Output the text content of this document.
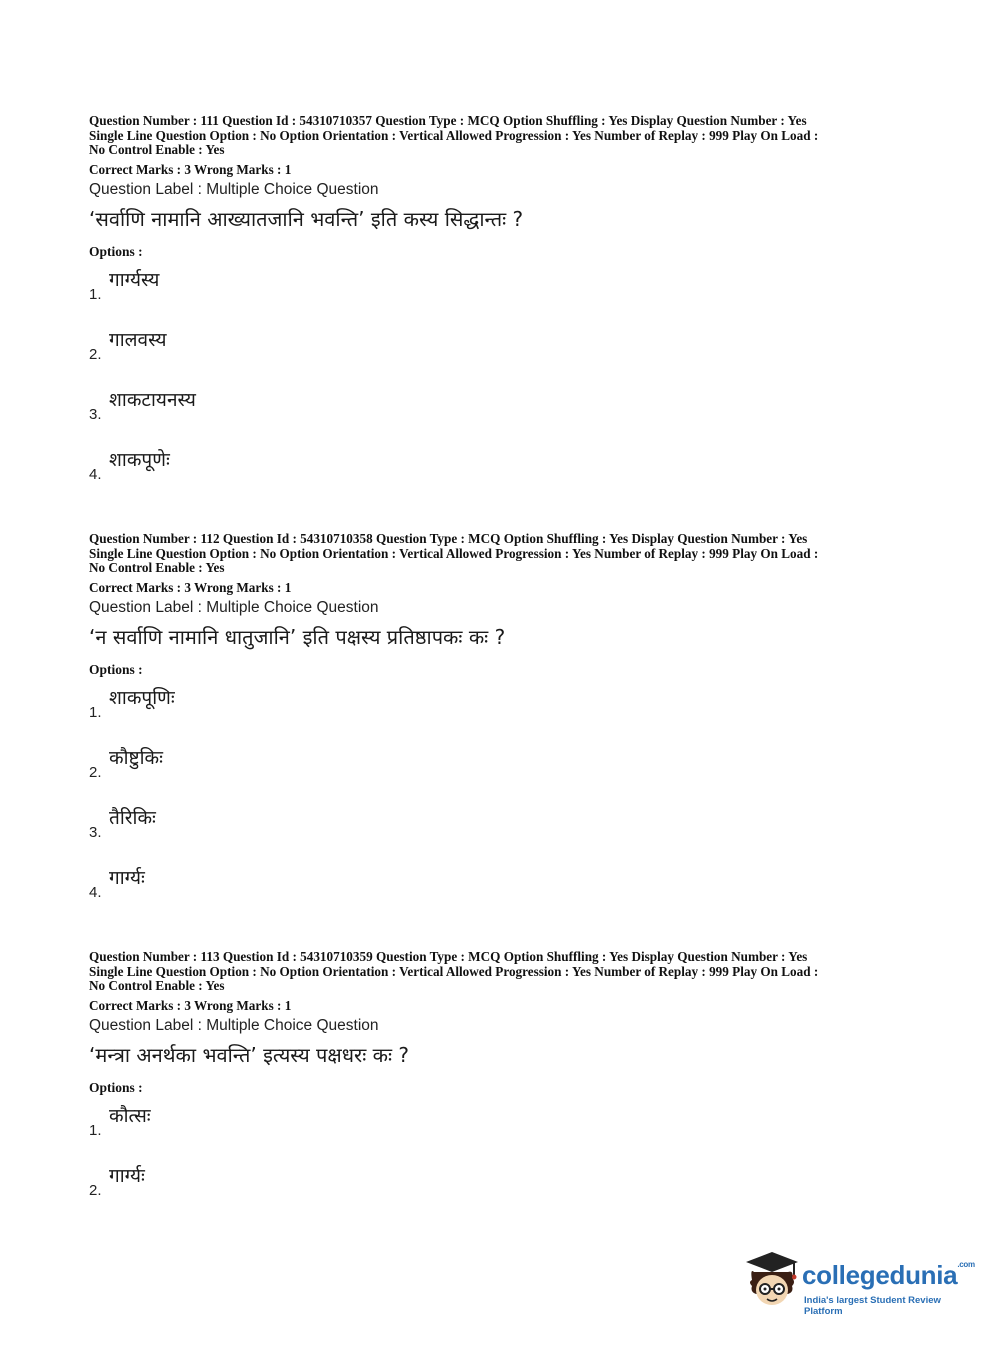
Question Number : 111 Question Id : 54310710357 Question Type : MCQ Option Shuffling : Yes Display Question Number : Yes
Single Line Question Option : No Option Orientation : Vertical Allowed Progression : Yes Number of Replay : 999 Play On Load :
No Control Enable : Yes
Correct Marks : 3 Wrong Marks : 1
Question Label : Multiple Choice Question
‘सर्वाणि नामानि आख्यातजानि भवन्ति’ इति कस्य सिद्धान्तः ?
Options :
1.
गार्ग्यस्य
2.
गालवस्य
3.
शाकटायनस्य
4.
शाकपूणेः
Question Number : 112 Question Id : 54310710358 Question Type : MCQ Option Shuffling : Yes Display Question Number : Yes
Single Line Question Option : No Option Orientation : Vertical Allowed Progression : Yes Number of Replay : 999 Play On Load :
No Control Enable : Yes
Correct Marks : 3 Wrong Marks : 1
Question Label : Multiple Choice Question
‘न सर्वाणि नामानि धातुजानि’ इति पक्षस्य प्रतिष्ठापकः कः ?
Options :
1.
शाकपूणिः
2.
कौष्टुकिः
3.
तैरिकिः
4.
गार्ग्यः
Question Number : 113 Question Id : 54310710359 Question Type : MCQ Option Shuffling : Yes Display Question Number : Yes
Single Line Question Option : No Option Orientation : Vertical Allowed Progression : Yes Number of Replay : 999 Play On Load :
No Control Enable : Yes
Correct Marks : 3 Wrong Marks : 1
Question Label : Multiple Choice Question
‘मन्त्रा अनर्थका भवन्ति’ इत्यस्य पक्षधरः कः ?
Options :
1.
कौत्सः
2.
गार्ग्यः
collegedunia$^{.com}$
India's largest Student Review Platform
